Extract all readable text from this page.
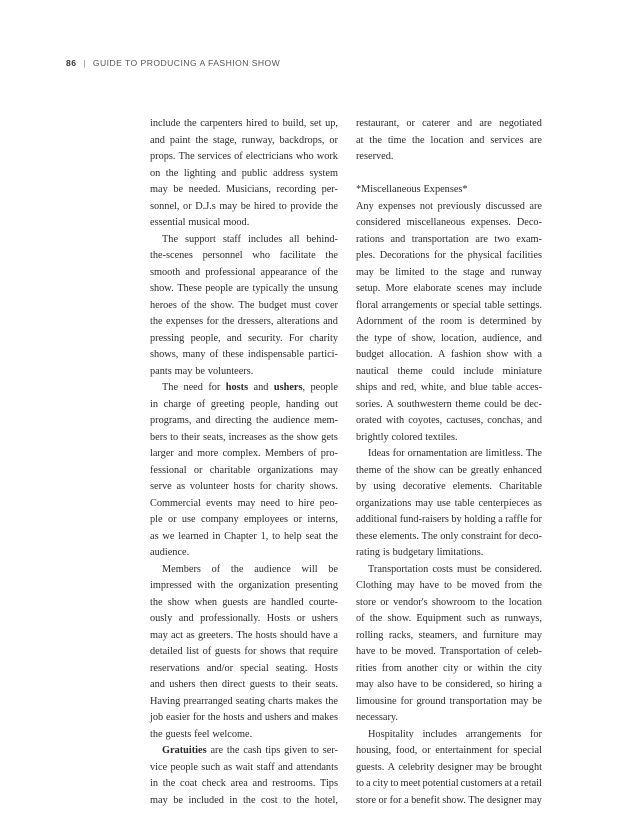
86 | GUIDE TO PRODUCING A FASHION SHOW
include the carpenters hired to build, set up,
and paint the stage, runway, backdrops, or
props. The services of electricians who work
on the lighting and public address system
may be needed. Musicians, recording per-
sonnel, or D.J.s may be hired to provide the
essential musical mood.
The support staff includes all behind-
the-scenes personnel who facilitate the
smooth and professional appearance of the
show. These people are typically the unsung
heroes of the show. The budget must cover
the expenses for the dressers, alterations and
pressing people, and security. For charity
shows, many of these indispensable partici-
pants may be volunteers.
The need for hosts and ushers, people
in charge of greeting people, handing out
programs, and directing the audience mem-
bers to their seats, increases as the show gets
larger and more complex. Members of pro-
fessional or charitable organizations may
serve as volunteer hosts for charity shows.
Commercial events may need to hire peo-
ple or use company employees or interns,
as we learned in Chapter 1, to help seat the
audience.
Members of the audience will be
impressed with the organization presenting
the show when guests are handled courte-
ously and professionally. Hosts or ushers
may act as greeters. The hosts should have a
detailed list of guests for shows that require
reservations and/or special seating. Hosts
and ushers then direct guests to their seats.
Having prearranged seating charts makes the
job easier for the hosts and ushers and makes
the guests feel welcome.
Gratuities are the cash tips given to ser-
vice people such as wait staff and attendants
in the coat check area and restrooms. Tips
may be included in the cost to the hotel,
restaurant, or caterer and are negotiated
at the time the location and services are
reserved.
*Miscellaneous Expenses*
Any expenses not previously discussed are
considered miscellaneous expenses. Deco-
rations and transportation are two exam-
ples. Decorations for the physical facilities
may be limited to the stage and runway
setup. More elaborate scenes may include
floral arrangements or special table settings.
Adornment of the room is determined by
the type of show, location, audience, and
budget allocation. A fashion show with a
nautical theme could include miniature
ships and red, white, and blue table acces-
sories. A southwestern theme could be dec-
orated with coyotes, cactuses, conchas, and
brightly colored textiles.
Ideas for ornamentation are limitless. The
theme of the show can be greatly enhanced
by using decorative elements. Charitable
organizations may use table centerpieces as
additional fund-raisers by holding a raffle for
these elements. The only constraint for deco-
rating is budgetary limitations.
Transportation costs must be considered.
Clothing may have to be moved from the
store or vendor's showroom to the location
of the show. Equipment such as runways,
rolling racks, steamers, and furniture may
have to be moved. Transportation of celeb-
rities from another city or within the city
may also have to be considered, so hiring a
limousine for ground transportation may be
necessary.
Hospitality includes arrangements for
housing, food, or entertainment for special
guests. A celebrity designer may be brought
to a city to meet potential customers at a retail
store or for a benefit show. The designer may
